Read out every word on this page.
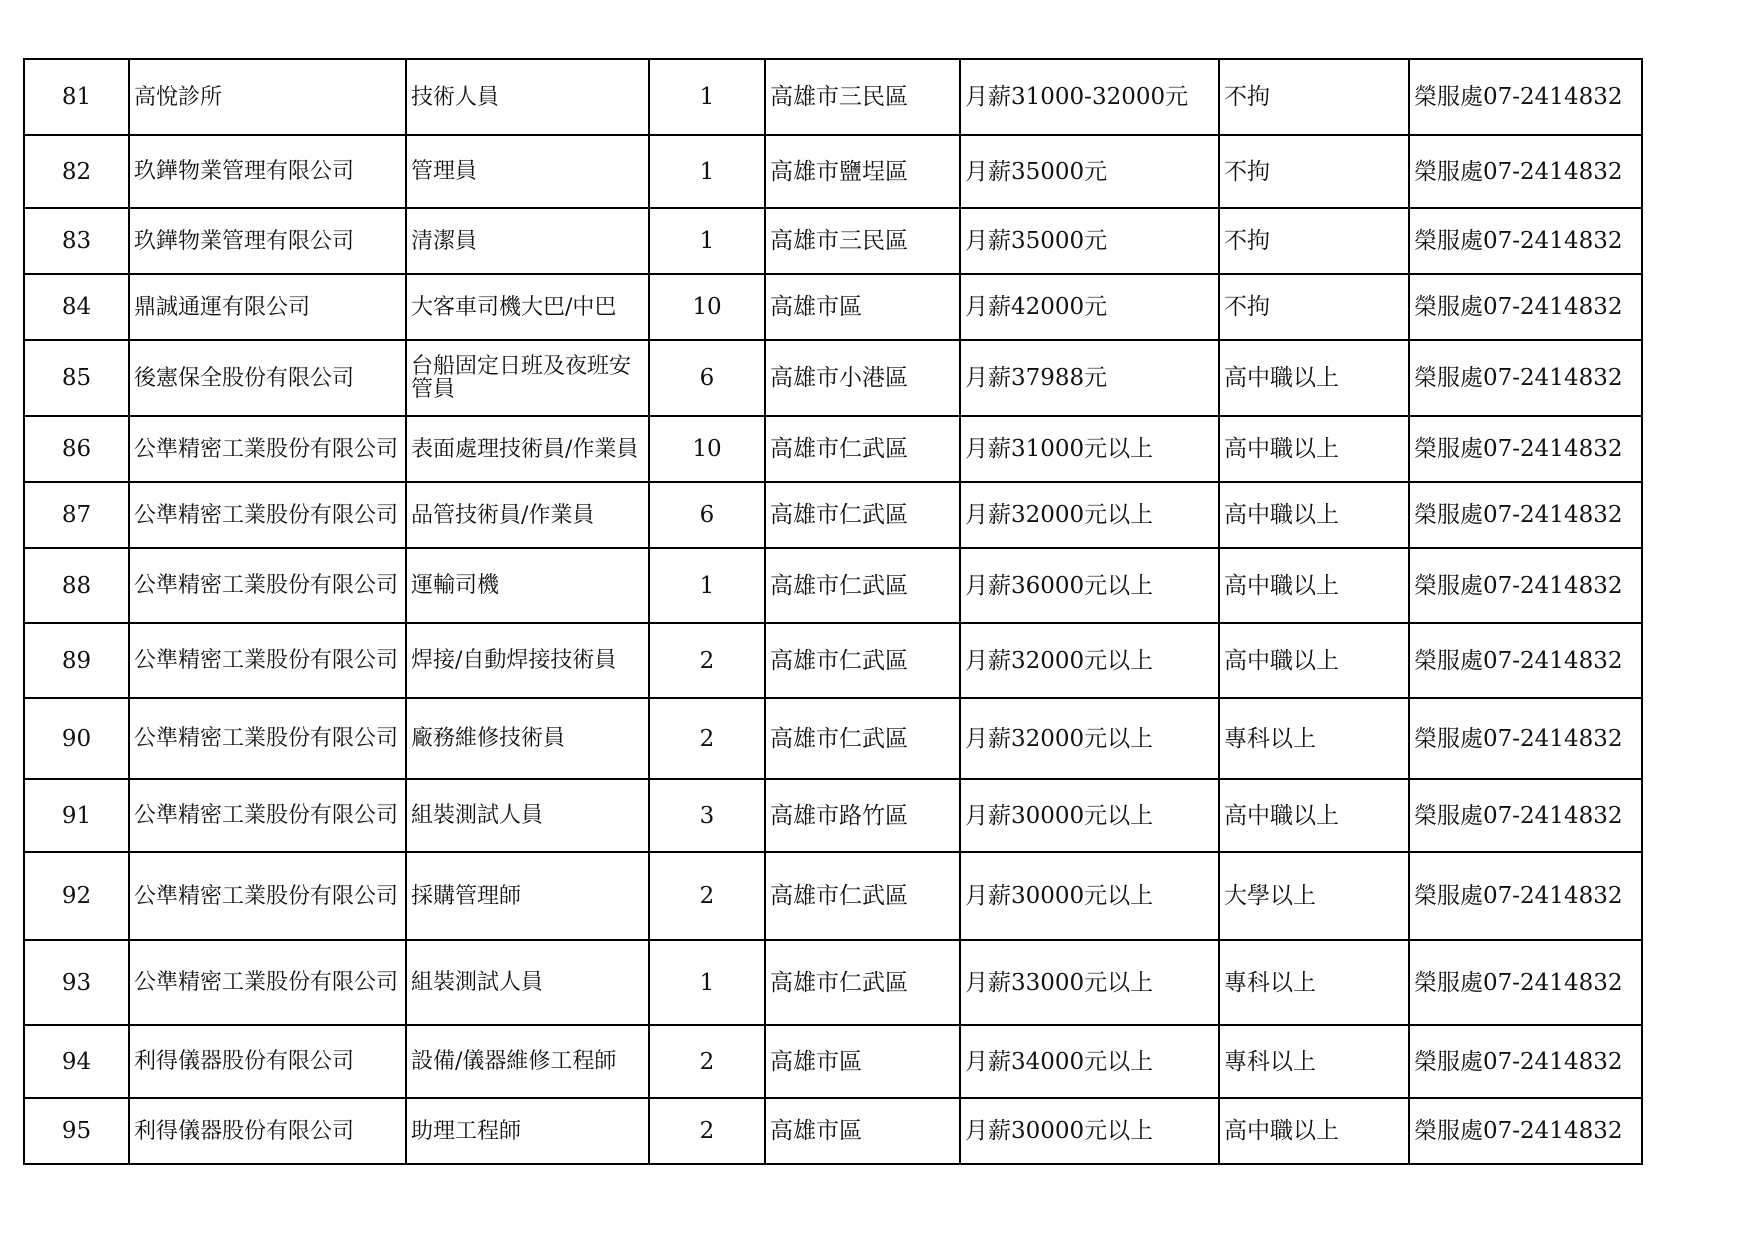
81	高悅診所	技術人員	1	高雄市三民區	月薪31000-32000元	不拘	榮服處07-2414832
82	玖鏵物業管理有限公司	管理員	1	高雄市鹽埕區	月薪35000元	不拘	榮服處07-2414832
83	玖鏵物業管理有限公司	清潔員	1	高雄市三民區	月薪35000元	不拘	榮服處07-2414832
84	鼎誠通運有限公司	大客車司機大巴/中巴	10	高雄市區	月薪42000元	不拘	榮服處07-2414832
85	後憲保全股份有限公司	台船固定日班及夜班安管員	6	高雄市小港區	月薪37988元	高中職以上	榮服處07-2414832
86	公準精密工業股份有限公司	表面處理技術員/作業員	10	高雄市仁武區	月薪31000元以上	高中職以上	榮服處07-2414832
87	公準精密工業股份有限公司	品管技術員/作業員	6	高雄市仁武區	月薪32000元以上	高中職以上	榮服處07-2414832
88	公準精密工業股份有限公司	運輸司機	1	高雄市仁武區	月薪36000元以上	高中職以上	榮服處07-2414832
89	公準精密工業股份有限公司	焊接/自動焊接技術員	2	高雄市仁武區	月薪32000元以上	高中職以上	榮服處07-2414832
90	公準精密工業股份有限公司	廠務維修技術員	2	高雄市仁武區	月薪32000元以上	專科以上	榮服處07-2414832
91	公準精密工業股份有限公司	組裝測試人員	3	高雄市路竹區	月薪30000元以上	高中職以上	榮服處07-2414832
92	公準精密工業股份有限公司	採購管理師	2	高雄市仁武區	月薪30000元以上	大學以上	榮服處07-2414832
93	公準精密工業股份有限公司	組裝測試人員	1	高雄市仁武區	月薪33000元以上	專科以上	榮服處07-2414832
94	利得儀器股份有限公司	設備/儀器維修工程師	2	高雄市區	月薪34000元以上	專科以上	榮服處07-2414832
95	利得儀器股份有限公司	助理工程師	2	高雄市區	月薪30000元以上	高中職以上	榮服處07-2414832
